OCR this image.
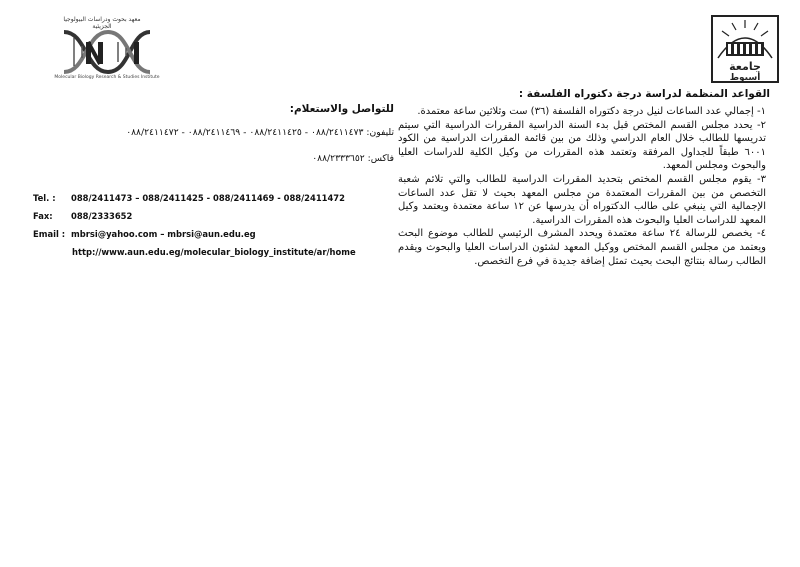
جامعة
أسيوط
معهد بحوث ودراسات البيولوجيا الجزيئية
Molecular Biology Research & Studies Institute
القواعد المنظمة لدراسة درجة دكتوراه الفلسفة :
١- إجمالي عدد الساعات لنيل درجة دكتوراه الفلسفة (٣٦) ست وثلاثين ساعة معتمدة.
٢- يحدد مجلس القسم المختص قبل بدء السنة الدراسية المقررات الدراسية التي سيتم تدريسها للطالب خلال العام الدراسي وذلك من بين قائمة المقررات الدراسية من الكود ٦٠٠١ طبقاً للجداول المرفقة وتعتمد هذه المقررات من وكيل الكلية للدراسات العليا والبحوث ومجلس المعهد.
٣- يقوم مجلس القسم المختص بتحديد المقررات الدراسية للطالب والتي تلائم شعبة التخصص من بين المقررات المعتمدة من مجلس المعهد بحيث لا تقل عدد الساعات الإجمالية التي ينبغي على طالب الدكتوراه أن يدرسها عن ١٢ ساعة معتمدة ويعتمد وكيل المعهد للدراسات العليا والبحوث هذه المقررات الدراسية.
٤- يخصص للرسالة ٢٤ ساعة معتمدة ويحدد المشرف الرئيسي للطالب موضوع البحث ويعتمد من مجلس القسم المختص ووكيل المعهد لشئون الدراسات العليا والبحوث ويقدم الطالب رسالة بنتائج البحث بحيث تمثل إضافة جديدة في فرع التخصص.
للتواصل والاستعلام:
تليفون: ٠٨٨/٢٤١١٤٧٣ - ٠٨٨/٢٤١١٤٢٥ - ٠٨٨/٢٤١١٤٦٩ - ٠٨٨/٢٤١١٤٧٢
فاكس: ٠٨٨/٢٣٣٣٦٥٢
Tel. : 088/2411473 – 088/2411425 - 088/2411469 - 088/2411472
Fax: 088/2333652
Email : mbrsi@yahoo.com – mbrsi@aun.edu.eg
http://www.aun.edu.eg/molecular_biology_institute/ar/home
